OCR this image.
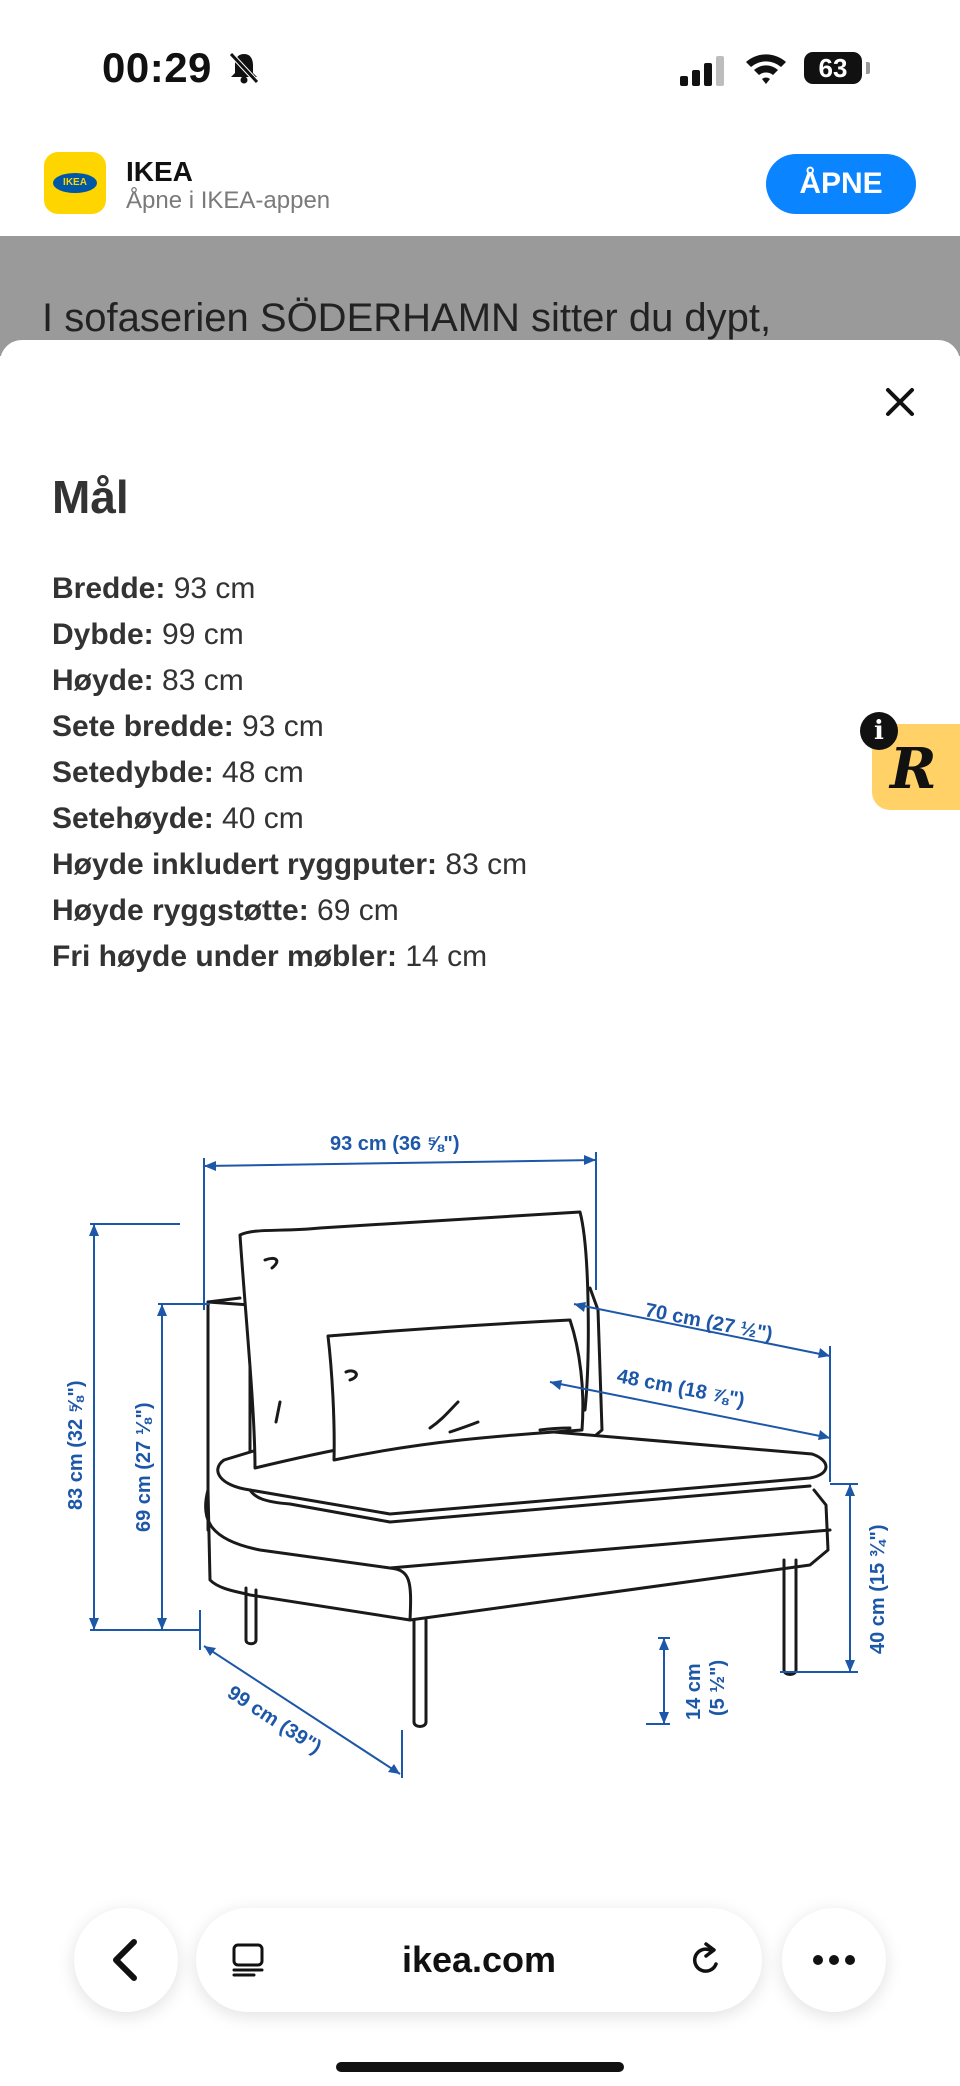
00:29	63
IKEA	IKEA
Åpne i IKEA-appen
ÅPNE
I sofaserien SÖDERHAMN sitter du dypt,
Mål
Bredde: 93 cm
Dybde: 99 cm
Høyde: 83 cm
Sete bredde: 93 cm
Setedybde: 48 cm
Setehøyde: 40 cm
Høyde inkludert ryggputer: 83 cm
Høyde ryggstøtte: 69 cm
Fri høyde under møbler: 14 cm
93 cm (36 ⅝")
70 cm (27 ½")
48 cm (18 ⅞")
83 cm (32 ⅝") 69 cm (27 ⅛")
40 cm (15 ¾")
14 cm (5 ½")
99 cm (39")
R
i
ikea.com
